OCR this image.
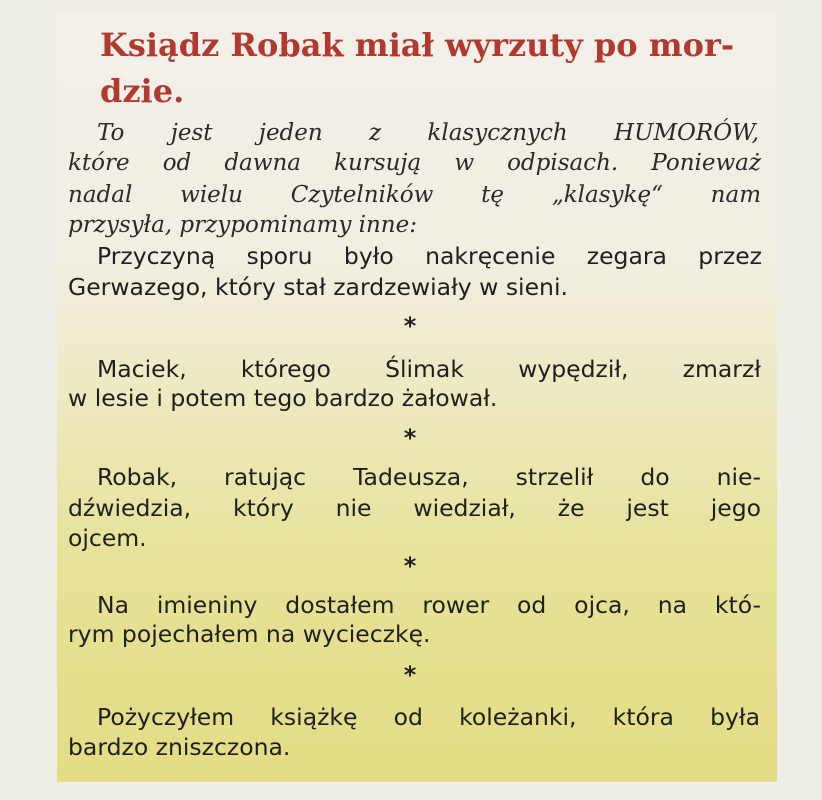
Ksiądz Robak miał wyrzuty po mor-
dzie.
To jest jeden z klasycznych HUMORÓW,
które od dawna kursują w odpisach. Ponieważ
nadal wielu Czytelników tę „klasykę“ nam
przysyła, przypominamy inne:
Przyczyną sporu było nakręcenie zegara przez
Gerwazego, który stał zardzewiały w sieni.
*
Maciek, którego Ślimak wypędził, zmarzł
w lesie i potem tego bardzo żałował.
*
Robak, ratując Tadeusza, strzelił do nie-
dźwiedzia, który nie wiedział, że jest jego
ojcem.
*
Na imieniny dostałem rower od ojca, na któ-
rym pojechałem na wycieczkę.
*
Pożyczyłem książkę od koleżanki, która była
bardzo zniszczona.
